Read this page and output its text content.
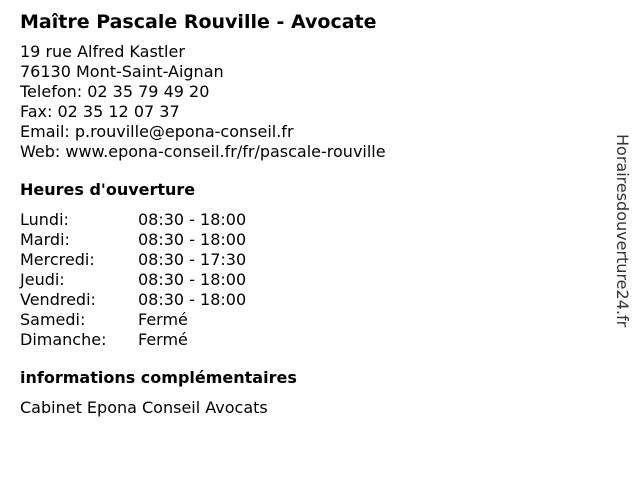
Maître Pascale Rouville - Avocate
19 rue Alfred Kastler
76130 Mont-Saint-Aignan
Telefon: 02 35 79 49 20
Fax: 02 35 12 07 37
Email: p.rouville@epona-conseil.fr
Web: www.epona-conseil.fr/fr/pascale-rouville
Heures d'ouverture
Lundi:	08:30 - 18:00
Mardi:	08:30 - 18:00
Mercredi:	08:30 - 17:30
Jeudi:	08:30 - 18:00
Vendredi:	08:30 - 18:00
Samedi:	Fermé
Dimanche:	Fermé
informations complémentaires
Cabinet Epona Conseil Avocats
Horairesdouverture24.fr
